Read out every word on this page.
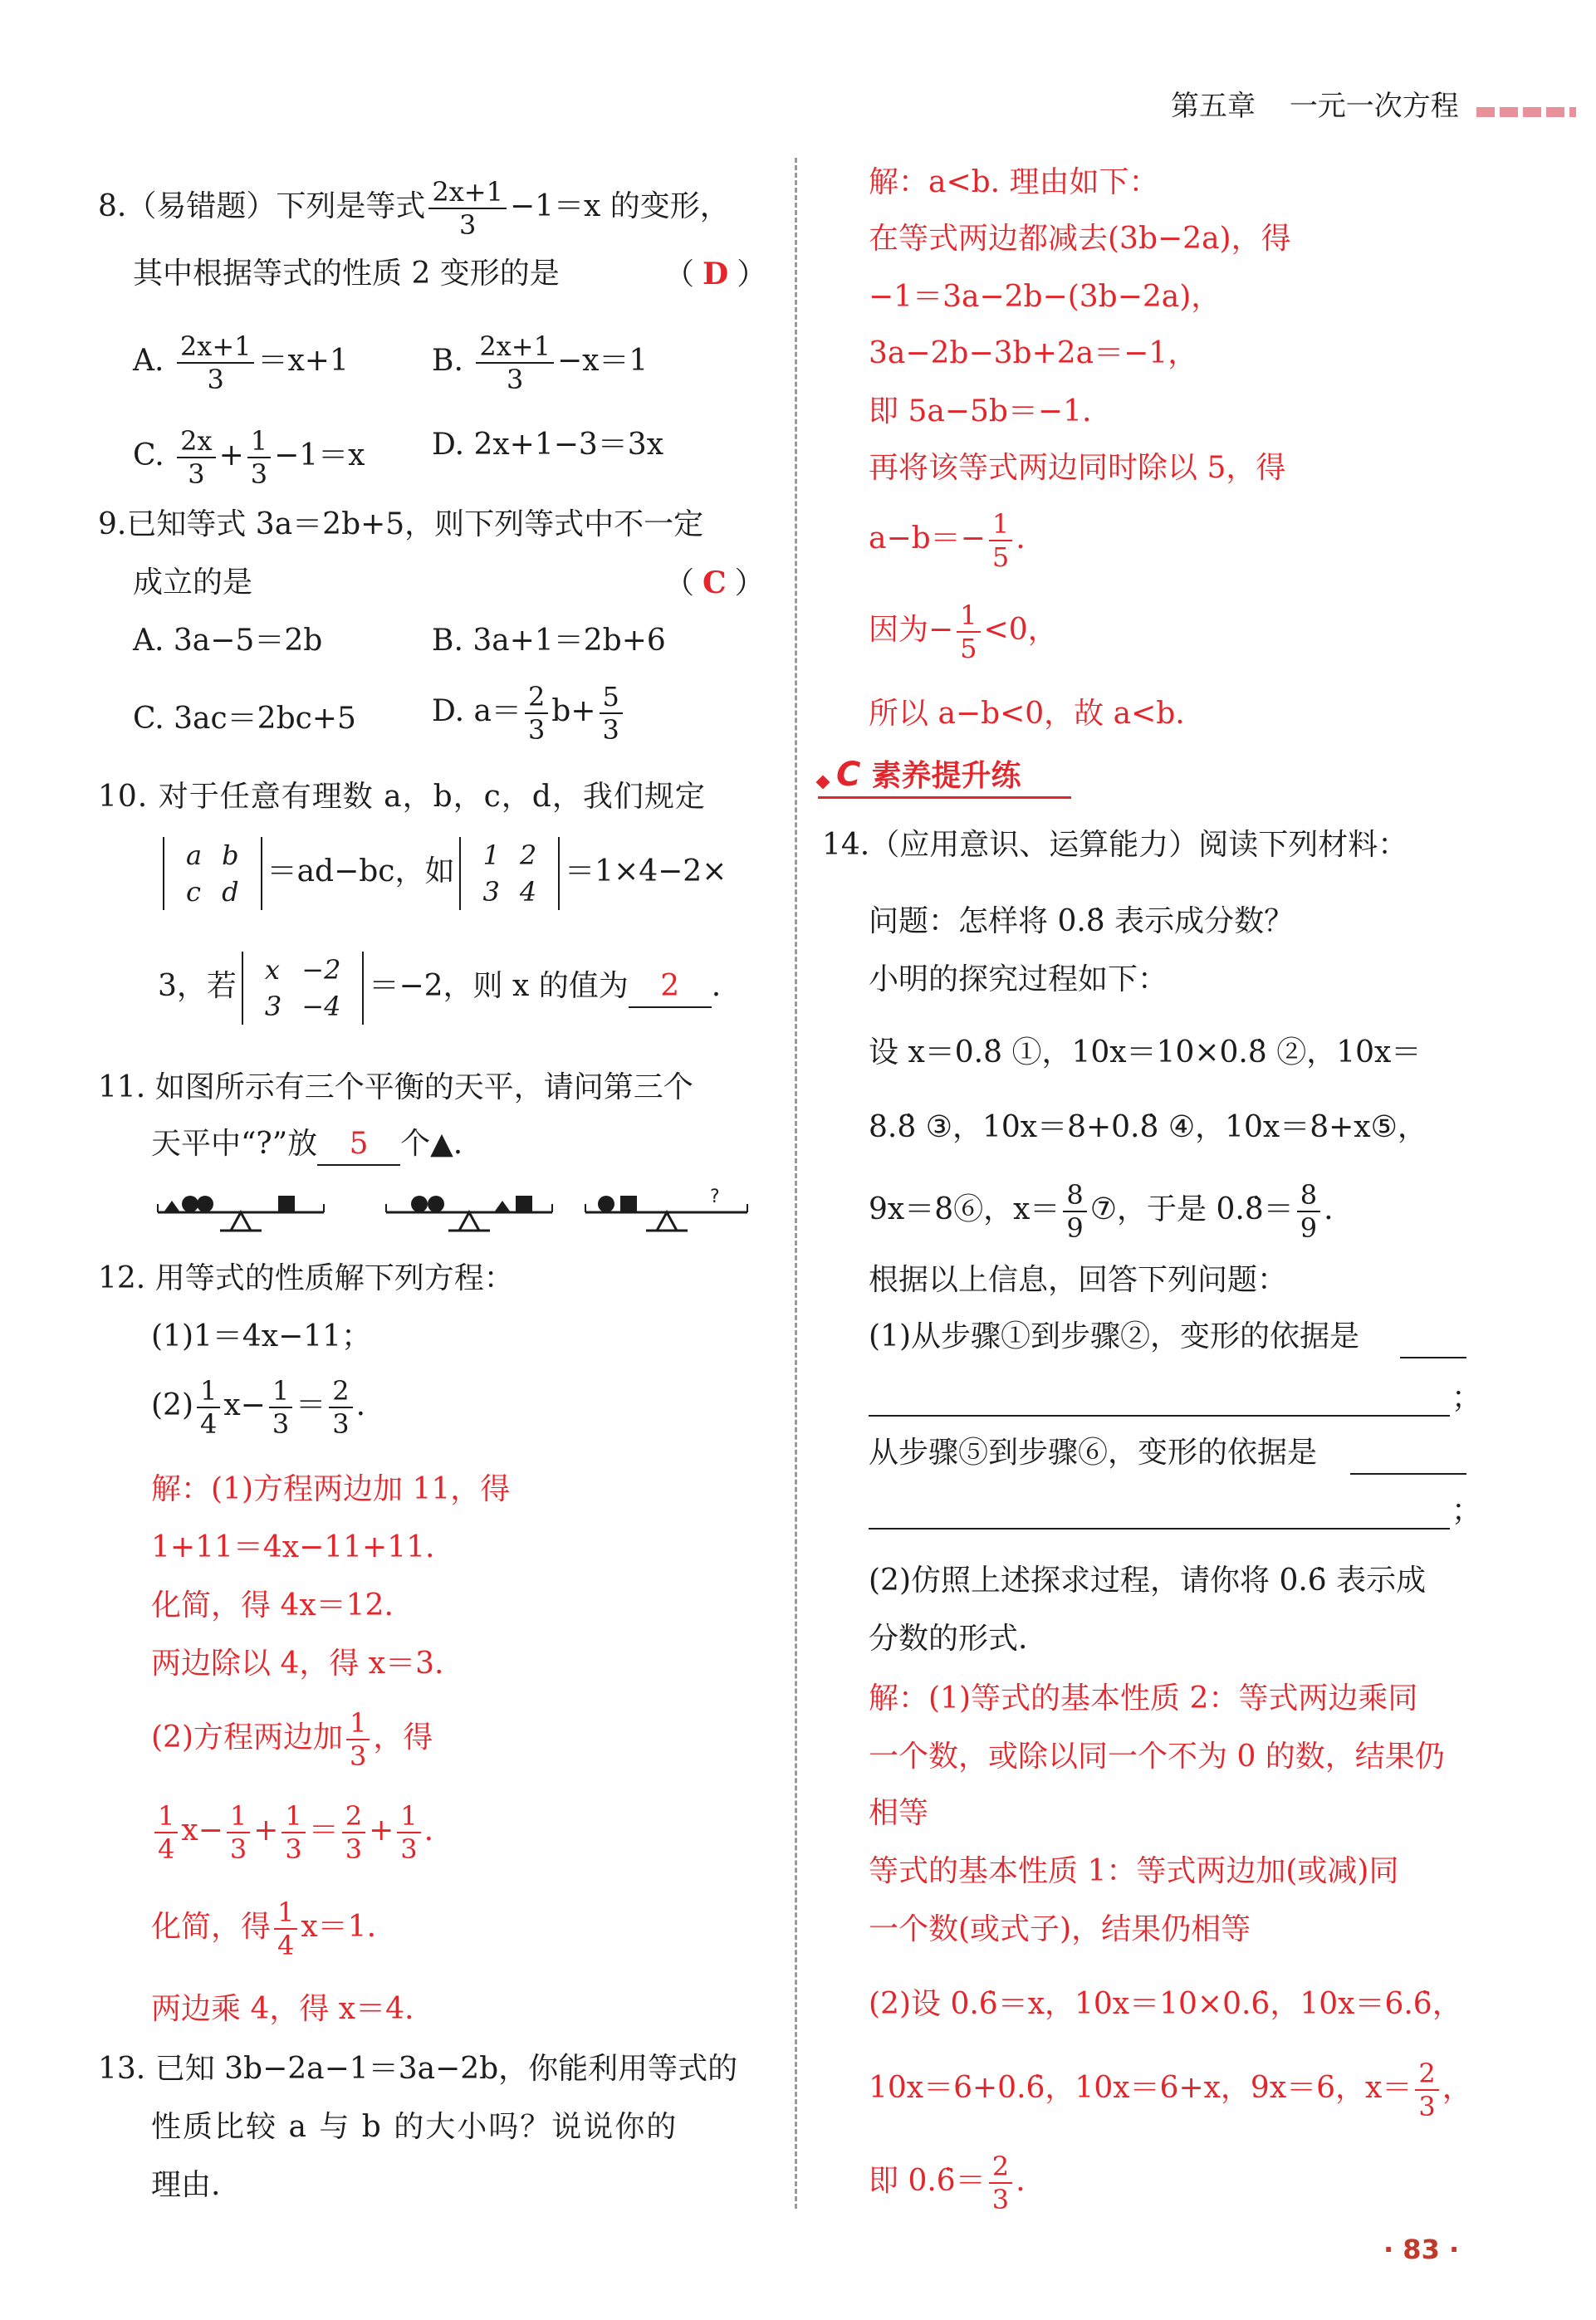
第五章 一元一次方程
8.（易错题）下列是等式 $\frac{2x+1}{3} -1=x$ 的变形，
其中根据等式的性质 2 变形的是	（ D ）
A. $\frac{2x+1}{3} =x+1$	B. $\frac{2x+1}{3} -x=1$
C. $\frac{2x}{3} + \frac{1}{3} -1=x$ D. 2x+1−3＝3x
9.已知等式 3a＝2b+5，则下列等式中不一定
成立的是	（ C ）
A. 3a−5＝2b	B. 3a+1＝2b+6
C. 3ac＝2bc+5	D. $a= \frac{2}{3} b+ \frac{5}{3}$
10. 对于任意有理数 a，b，c，d，我们规定
a	b
c	d
＝ad−bc，如 1	2
3	4
＝1×4−2×
3，若 x	−2
3	−4
＝−2，则 x 的值为 2 .
11. 如图所示有三个平衡的天平，请问第三个
天平中“?”放 5 个▲.
?
12. 用等式的性质解下列方程：
(1)1＝4x−11；
$(2) \frac{1}{4} x- \frac{1}{3} = \frac{2}{3}$ .
解：(1)方程两边加 11，得
1+11＝4x−11+11.
化简，得 4x＝12.
两边除以 4，得 x＝3.
(2)方程两边加 $\frac{1}{3}$ ，得
$\frac{1}{4} x- \frac{1}{3} + \frac{1}{3} = \frac{2}{3} + \frac{1}{3}$ .
化简，得 $\frac{1}{4} x=1$.
两边乘 4，得 x＝4.
13. 已知 3b−2a−1＝3a−2b，你能利用等式的
性质比较 a 与 b 的大小吗？说说你的
理由.
解：a<b. 理由如下：
在等式两边都减去(3b−2a)，得
−1＝3a−2b−(3b−2a)，
3a−2b−3b+2a＝−1，
即 5a−5b＝−1.
再将该等式两边同时除以 5，得
$a-b=- \frac{1}{5}$ .
因为− $\frac{1}{5} <0$，
所以 a−b<0，故 a<b.
C 素养提升练
14.（应用意识、运算能力）阅读下列材料：
问题：怎样将 0.8̇ 表示成分数？
小明的探究过程如下：
设 x＝0.8̇ ①，10x＝10×0.8̇ ②，10x＝
8.8̇ ③，10x＝8+0.8̇ ④，10x＝8+x⑤，
9x＝8⑥，$x= \frac{8}{9}$ ⑦，于是 0.8̇＝ $\frac{8}{9}$ .
根据以上信息，回答下列问题：
(1)从步骤①到步骤②，变形的依据是
；
从步骤⑤到步骤⑥，变形的依据是
；
(2)仿照上述探求过程，请你将 0.6̇ 表示成
分数的形式.
解：(1)等式的基本性质 2：等式两边乘同
一个数，或除以同一个不为 0 的数，结果仍
相等
等式的基本性质 1：等式两边加(或减)同
一个数(或式子)，结果仍相等
(2)设 0.6̇＝x，10x＝10×0.6̇，10x＝6.6̇，
10x＝6+0.6̇，10x＝6+x，9x＝6，$x= \frac{2}{3}$ ，
即 0.6̇＝ $\frac{2}{3}$ .
· 83 ·
